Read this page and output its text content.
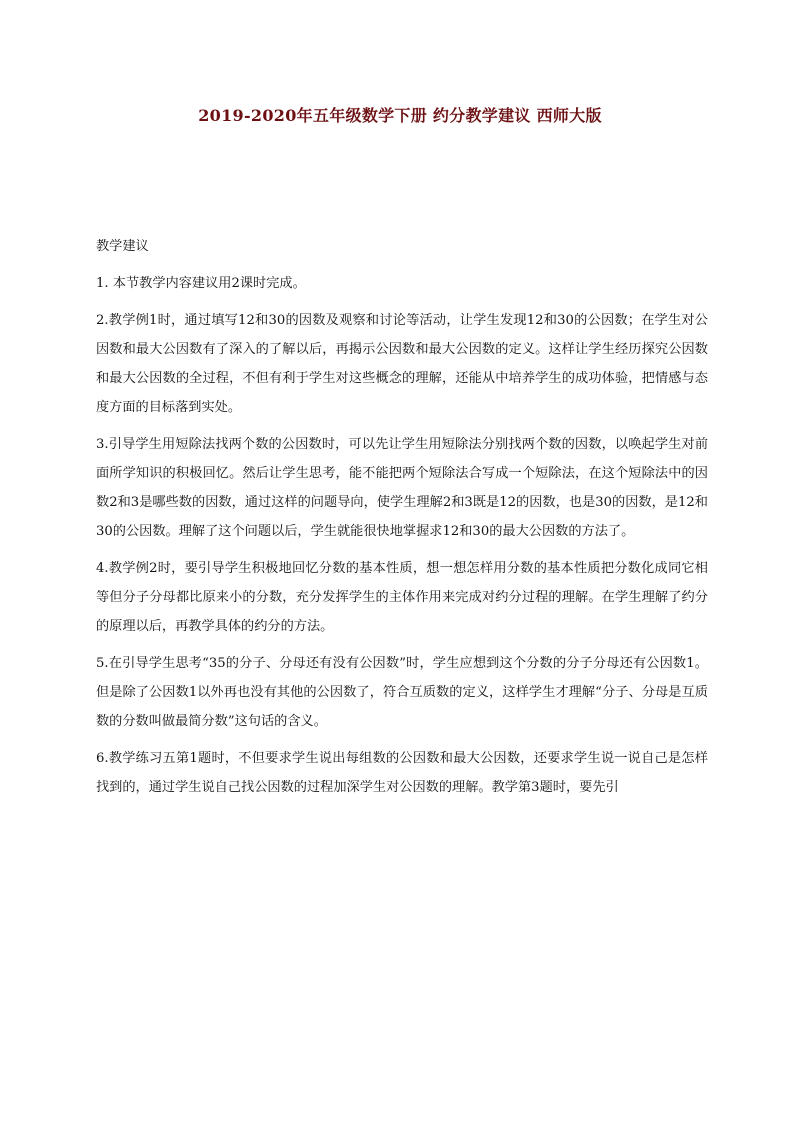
2019-2020年五年级数学下册 约分教学建议 西师大版

教学建议

1. 本节教学内容建议用2课时完成。

2.教学例1时，通过填写12和30的因数及观察和讨论等活动，让学生发现12和30的公因数；在学生对公因数和最大公因数有了深入的了解以后，再揭示公因数和最大公因数的定义。这样让学生经历探究公因数和最大公因数的全过程，不但有利于学生对这些概念的理解，还能从中培养学生的成功体验，把情感与态度方面的目标落到实处。

3.引导学生用短除法找两个数的公因数时，可以先让学生用短除法分别找两个数的因数，以唤起学生对前面所学知识的积极回忆。然后让学生思考，能不能把两个短除法合写成一个短除法，在这个短除法中的因数2和3是哪些数的因数，通过这样的问题导向，使学生理解2和3既是12的因数，也是30的因数，是12和30的公因数。理解了这个问题以后，学生就能很快地掌握求12和30的最大公因数的方法了。

4.教学例2时，要引导学生积极地回忆分数的基本性质，想一想怎样用分数的基本性质把分数化成同它相等但分子分母都比原来小的分数，充分发挥学生的主体作用来完成对约分过程的理解。在学生理解了约分的原理以后，再教学具体的约分的方法。

5.在引导学生思考“35的分子、分母还有没有公因数”时，学生应想到这个分数的分子分母还有公因数1。但是除了公因数1以外再也没有其他的公因数了，符合互质数的定义，这样学生才理解“分子、分母是互质数的分数叫做最简分数”这句话的含义。

6.教学练习五第1题时，不但要求学生说出每组数的公因数和最大公因数，还要求学生说一说自己是怎样找到的，通过学生说自己找公因数的过程加深学生对公因数的理解。教学第3题时，要先引
